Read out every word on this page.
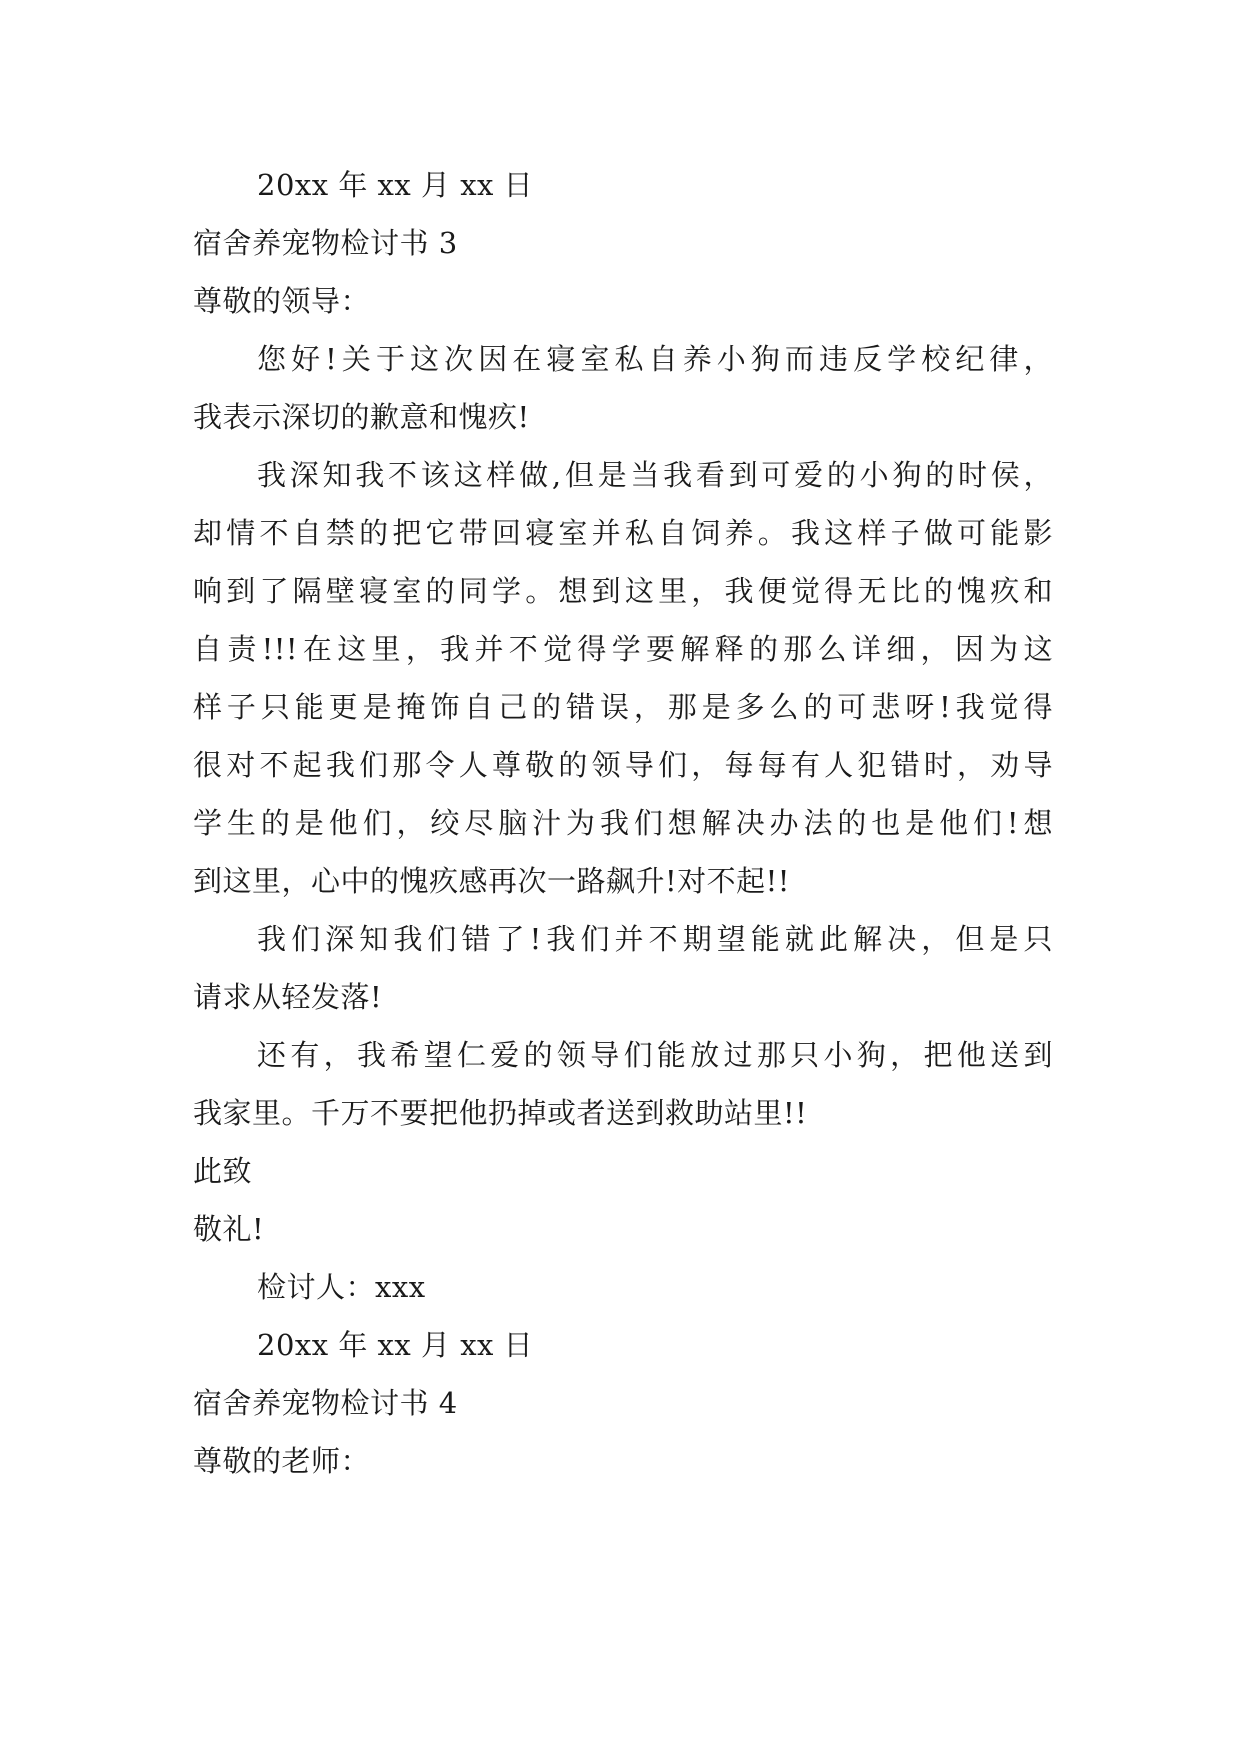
20xx 年 xx 月 xx 日
宿舍养宠物检讨书 3
尊敬的领导：
您好!关于这次因在寝室私自养小狗而违反学校纪律，
我表示深切的歉意和愧疚!
我深知我不该这样做,但是当我看到可爱的小狗的时侯，
却情不自禁的把它带回寝室并私自饲养。我这样子做可能影
响到了隔壁寝室的同学。想到这里，我便觉得无比的愧疚和
自责!!!在这里，我并不觉得学要解释的那么详细，因为这
样子只能更是掩饰自己的错误，那是多么的可悲呀!我觉得
很对不起我们那令人尊敬的领导们，每每有人犯错时，劝导
学生的是他们，绞尽脑汁为我们想解决办法的也是他们!想
到这里，心中的愧疚感再次一路飙升!对不起!!
我们深知我们错了!我们并不期望能就此解决，但是只
请求从轻发落!
还有，我希望仁爱的领导们能放过那只小狗，把他送到
我家里。千万不要把他扔掉或者送到救助站里!!
此致
敬礼!
检讨人：xxx
20xx 年 xx 月 xx 日
宿舍养宠物检讨书 4
尊敬的老师：
